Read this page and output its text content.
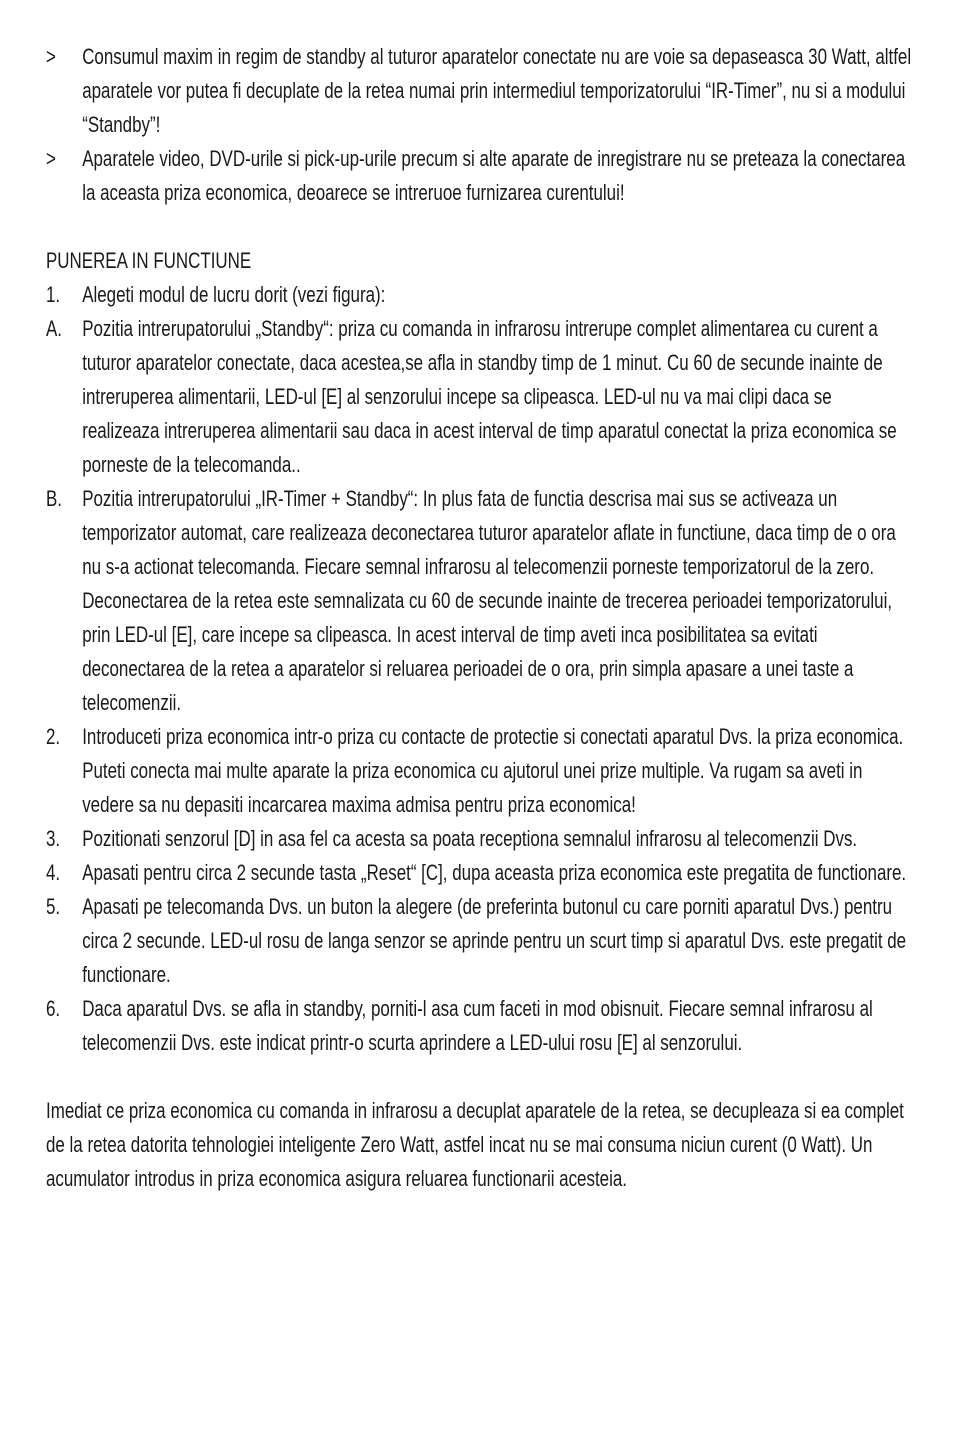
>	Consumul maxim in regim de standby al tuturor aparatelor conectate nu are voie sa depaseasca 30 Watt, altfel aparatele vor putea fi decuplate de la retea numai prin intermediul temporizatorului “IR-Timer”, nu si a modului “Standby”!
>	Aparatele video, DVD-urile si pick-up-urile precum si alte aparate de inregistrare nu se preteaza la conectarea la aceasta priza economica, deoarece se intreruoe furnizarea curentului!
PUNEREA IN FUNCTIUNE
1.	Alegeti modul de lucru dorit (vezi figura):
A. Pozitia intrerupatorului „Standby“: priza cu comanda in infrarosu intrerupe complet alimentarea cu curent a tuturor aparatelor conectate, daca acestea,se afla in standby timp de 1 minut. Cu 60 de secunde inainte de intreruperea alimentarii, LED-ul [E] al senzorului incepe sa clipeasca. LED-ul nu va mai clipi daca se realizeaza intreruperea alimentarii sau daca in acest interval de timp aparatul conectat la priza economica se porneste de la telecomanda..
B. Pozitia intrerupatorului „IR-Timer + Standby“: In plus fata de functia descrisa mai sus se activeaza un temporizator automat, care realizeaza deconectarea tuturor aparatelor aflate in functiune, daca timp de o ora nu s-a actionat telecomanda. Fiecare semnal infrarosu al telecomenzii porneste temporizatorul de la zero. Deconectarea de la retea este semnalizata cu 60 de secunde inainte de trecerea perioadei temporizatorului, prin LED-ul [E], care incepe sa clipeasca. In acest interval de timp aveti inca posibilitatea sa evitati deconectarea de la retea a aparatelor si reluarea perioadei de o ora, prin simpla apasare a unei taste a telecomenzii.
2.	Introduceti priza economica intr-o priza cu contacte de protectie si conectati aparatul Dvs. la priza economica. Puteti conecta mai multe aparate la priza economica cu ajutorul unei prize multiple. Va rugam sa aveti in vedere sa nu depasiti incarcarea maxima admisa pentru priza economica!
3.	Pozitionati senzorul [D] in asa fel ca acesta sa poata receptiona semnalul infrarosu al telecomenzii Dvs.
4.	Apasati pentru circa 2 secunde tasta „Reset“ [C], dupa aceasta priza economica este pregatita de functionare.
5.	Apasati pe telecomanda Dvs. un buton la alegere (de preferinta butonul cu care porniti aparatul Dvs.) pentru circa 2 secunde. LED-ul rosu de langa senzor se aprinde pentru un scurt timp si aparatul Dvs. este pregatit de functionare.
6.	Daca aparatul Dvs. se afla in standby, porniti-l asa cum faceti in mod obisnuit. Fiecare semnal infrarosu al telecomenzii Dvs. este indicat printr-o scurta aprindere a LED-ului rosu [E] al senzorului.
Imediat ce priza economica cu comanda in infrarosu a decuplat aparatele de la retea, se decupleaza si ea complet de la retea datorita tehnologiei inteligente Zero Watt, astfel incat nu se mai consuma niciun curent (0 Watt). Un acumulator introdus in priza economica asigura reluarea functionarii acesteia.
